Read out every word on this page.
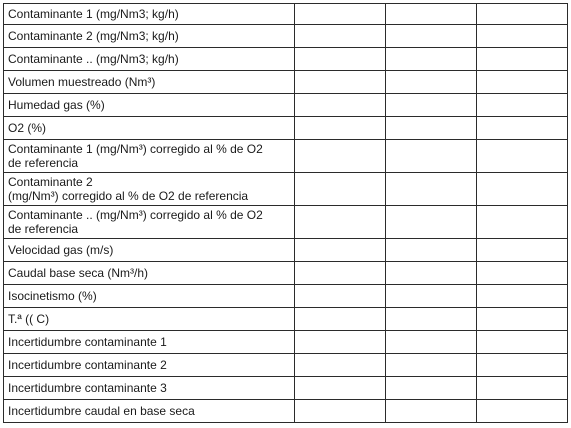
Contaminante 1 (mg/Nm3; kg/h)			
Contaminante 2 (mg/Nm3; kg/h)			
Contaminante .. (mg/Nm3; kg/h)			
Volumen muestreado (Nm³)			
Humedad gas (%)			
O2 (%)			
Contaminante 1 (mg/Nm³) corregido al % de O2
de referencia			
Contaminante 2
(mg/Nm³) corregido al % de O2 de referencia			
Contaminante .. (mg/Nm³) corregido al % de O2
de referencia			
Velocidad gas (m/s)			
Caudal base seca (Nm³/h)			
Isocinetismo (%)			
T.ª (( C)			
Incertidumbre contaminante 1			
Incertidumbre contaminante 2			
Incertidumbre contaminante 3			
Incertidumbre caudal en base seca			
